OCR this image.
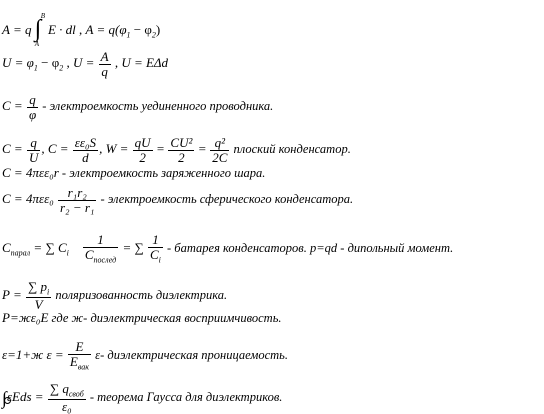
A = q ∫ B
A
E · dl , $A = q(\varphi_1 - \varphi_2)$
$U = \varphi_1 - \varphi_2$ , $U = \frac{A}{q}$ , U = EΔd
$C = \frac{q}{\varphi}$ - электроемкость уединенного проводника.
$C = \frac{q}{U}$ , $C = \frac{\text{εε₀S}}{d}$ , $W = \frac{qU}{2} = \frac{\text{CU²}}{2} = \frac{\text{q²}}{2C}$ плоский конденсатор.
C = 4πεε₀r - электроемкость заряженного шара.
$C = 4\pi\varepsilon\varepsilon_0 \frac{\text{r₁r₂}}{\text{r₂ − r₁}}$ - электроемкость сферического конденсатора.
$C_{парал}$ = ∑ $C_i \frac{1}{C_{послед}}$ = ∑ $\frac{1}{C_i}$ - батарея конденсаторов. p=qd - дипольный момент.
$P = \frac{\sum p_i}{V}$ поляризованность диэлектрика.
P=жε₀E где ж- диэлектрическая восприимчивость.
ε=1+ж $\varepsilon = \frac{E}{E_{вак}} \varepsilon-$ диэлектрическая проницаемость.
$\int\varepsilon Eds = \frac{\sum q_{своб}}{\text{ε₀}}$ - теорема Гаусса для диэлектриков.
